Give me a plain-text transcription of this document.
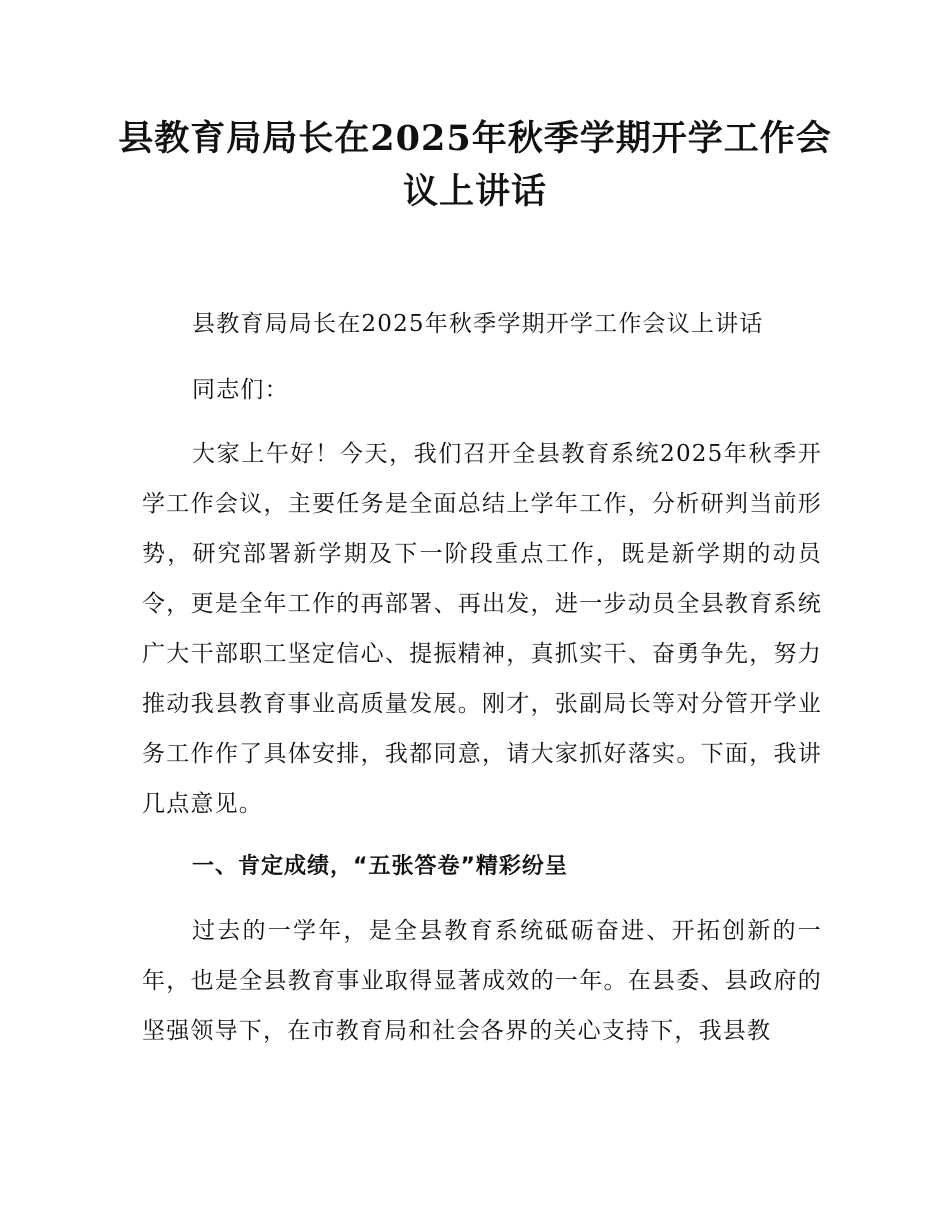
县教育局局长在2025年秋季学期开学工作会议上讲话

县教育局局长在2025年秋季学期开学工作会议上讲话

同志们：

大家上午好！今天，我们召开全县教育系统2025年秋季开学工作会议，主要任务是全面总结上学年工作，分析研判当前形势，研究部署新学期及下一阶段重点工作，既是新学期的动员令，更是全年工作的再部署、再出发，进一步动员全县教育系统广大干部职工坚定信心、提振精神，真抓实干、奋勇争先，努力推动我县教育事业高质量发展。刚才，张副局长等对分管开学业务工作作了具体安排，我都同意，请大家抓好落实。下面，我讲几点意见。

一、肯定成绩，“五张答卷”精彩纷呈

过去的一学年，是全县教育系统砥砺奋进、开拓创新的一年，也是全县教育事业取得显著成效的一年。在县委、县政府的坚强领导下，在市教育局和社会各界的关心支持下，我县教
